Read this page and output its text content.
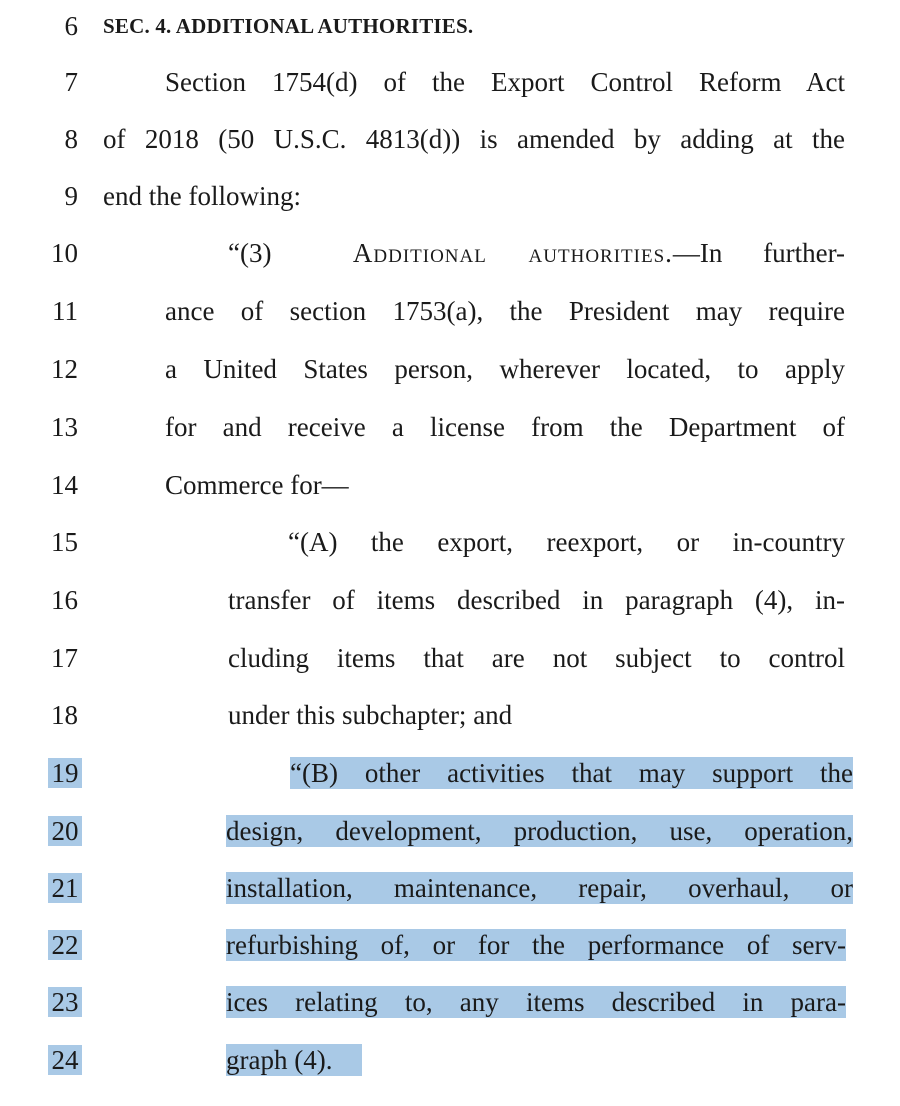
6 SEC. 4. ADDITIONAL AUTHORITIES.
7	Section 1754(d) of the Export Control Reform Act
8 of 2018 (50 U.S.C. 4813(d)) is amended by adding at the
9 end the following:
10	“(3)	Additional authorities.—In further-
11	ance of section 1753(a), the President may require
12	a United States person, wherever located, to apply
13	for and receive a license from the Department of
14	Commerce for—
15	“(A) the export, reexport, or in-country
16	transfer of items described in paragraph (4), in-
17	cluding items that are not subject to control
18	under this subchapter; and
19	“(B) other activities that may support the
20	design, development, production, use, operation,
21	installation, maintenance, repair, overhaul, or
22	refurbishing of, or for the performance of serv-
23	ices relating to, any items described in para-
24	graph (4).
